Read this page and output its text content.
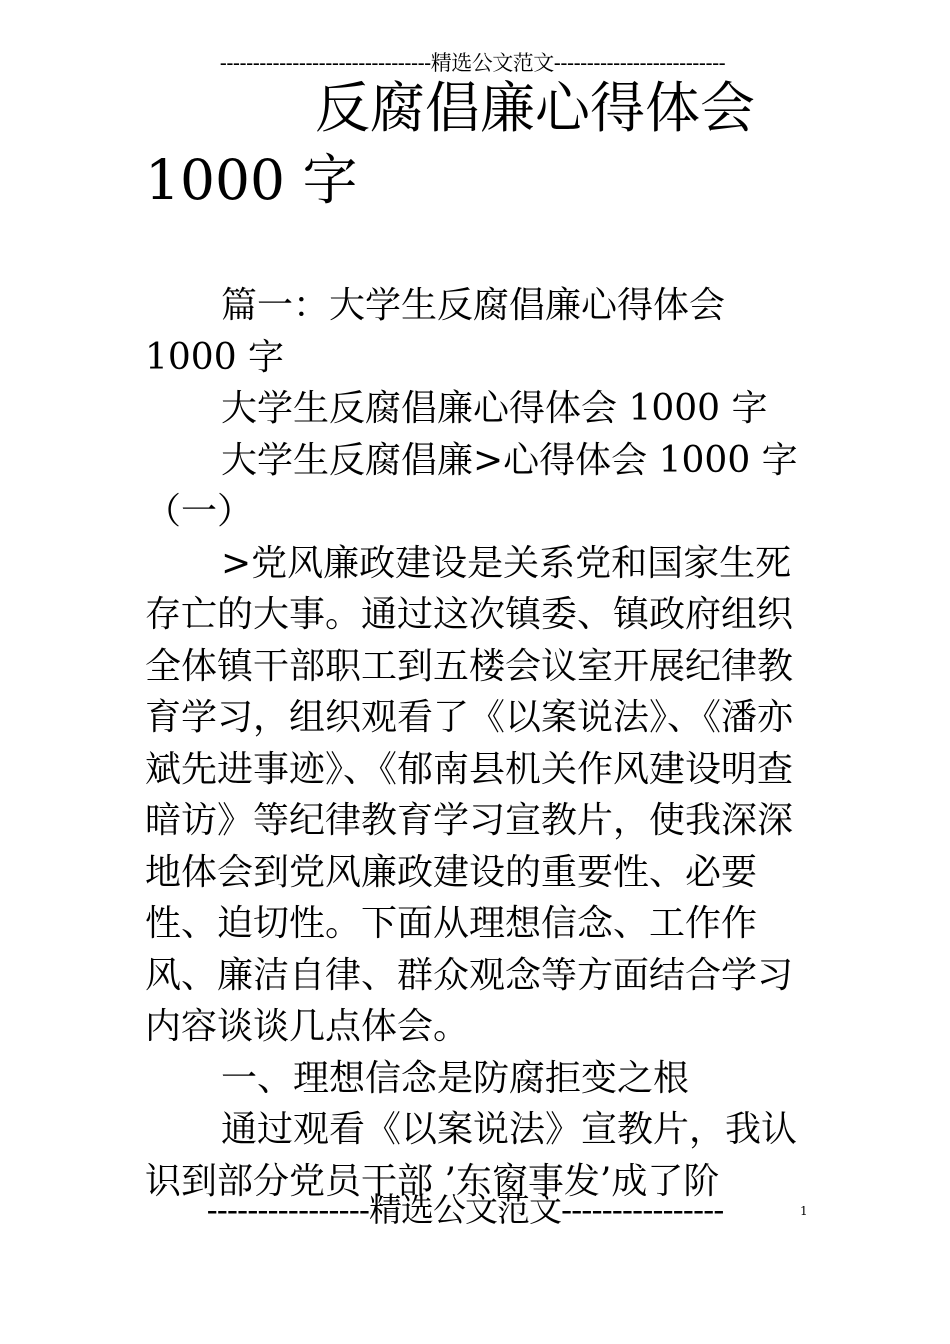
--------------------------------精选公文范文--------------------------
反腐倡廉心得体会
1000 字

篇一：大学生反腐倡廉心得体会 1000 字

大学生反腐倡廉心得体会 1000 字

大学生反腐倡廉>心得体会 1000 字（一）

>党风廉政建设是关系党和国家生死存亡的大事。通过这次镇委、镇政府组织全体镇干部职工到五楼会议室开展纪律教育学习，组织观看了《以案说法》、《潘亦斌先进事迹》、《郁南县机关作风建设明查暗访》等纪律教育学习宣教片，使我深深地体会到党风廉政建设的重要性、必要性、迫切性。下面从理想信念、工作作风、廉洁自律、群众观念等方面结合学习内容谈谈几点体会。

一、理想信念是防腐拒变之根

通过观看《以案说法》宣教片，我认识到部分党员干部 ’东窗事发’成了阶

----------------精选公文范文----------------	1
